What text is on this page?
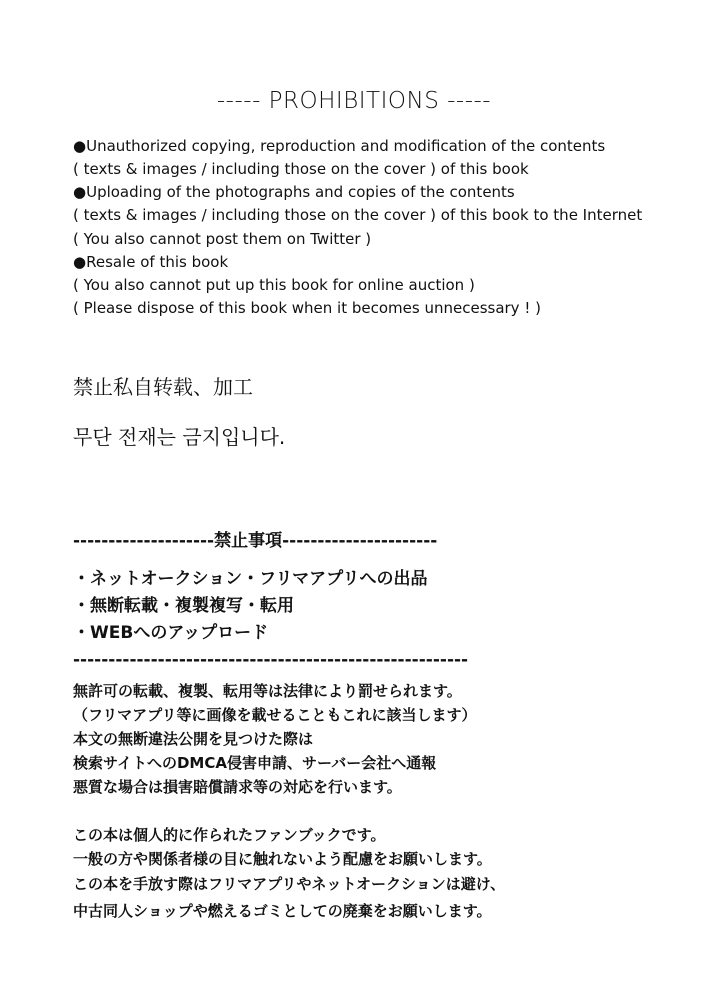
----- PROHIBITIONS -----
●Unauthorized copying, reproduction and modification of the contents
( texts & images / including those on the cover ) of this book
●Uploading of the photographs and copies of the contents
( texts & images / including those on the cover ) of this book to the Internet
( You also cannot post them on Twitter )
●Resale of this book
( You also cannot put up this book for online auction )
( Please dispose of this book when it becomes unnecessary ! )
禁止私自转载、加工
무단 전재는 금지입니다.
--------------------禁止事項----------------------
・ネットオークション・フリマアプリへの出品
・無断転載・複製複写・転用
・WEBへのアップロード
--------------------------------------------------------
無許可の転載、複製、転用等は法律により罰せられます。
（フリマアプリ等に画像を載せることもこれに該当します）
本文の無断違法公開を見つけた際は
検索サイトへのDMCA侵害申請、サーバー会社へ通報
悪質な場合は損害賠償請求等の対応を行います。
この本は個人的に作られたファンブックです。
一般の方や関係者様の目に触れないよう配慮をお願いします。
この本を手放す際はフリマアプリやネットオークションは避け、
中古同人ショップや燃えるゴミとしての廃棄をお願いします。
